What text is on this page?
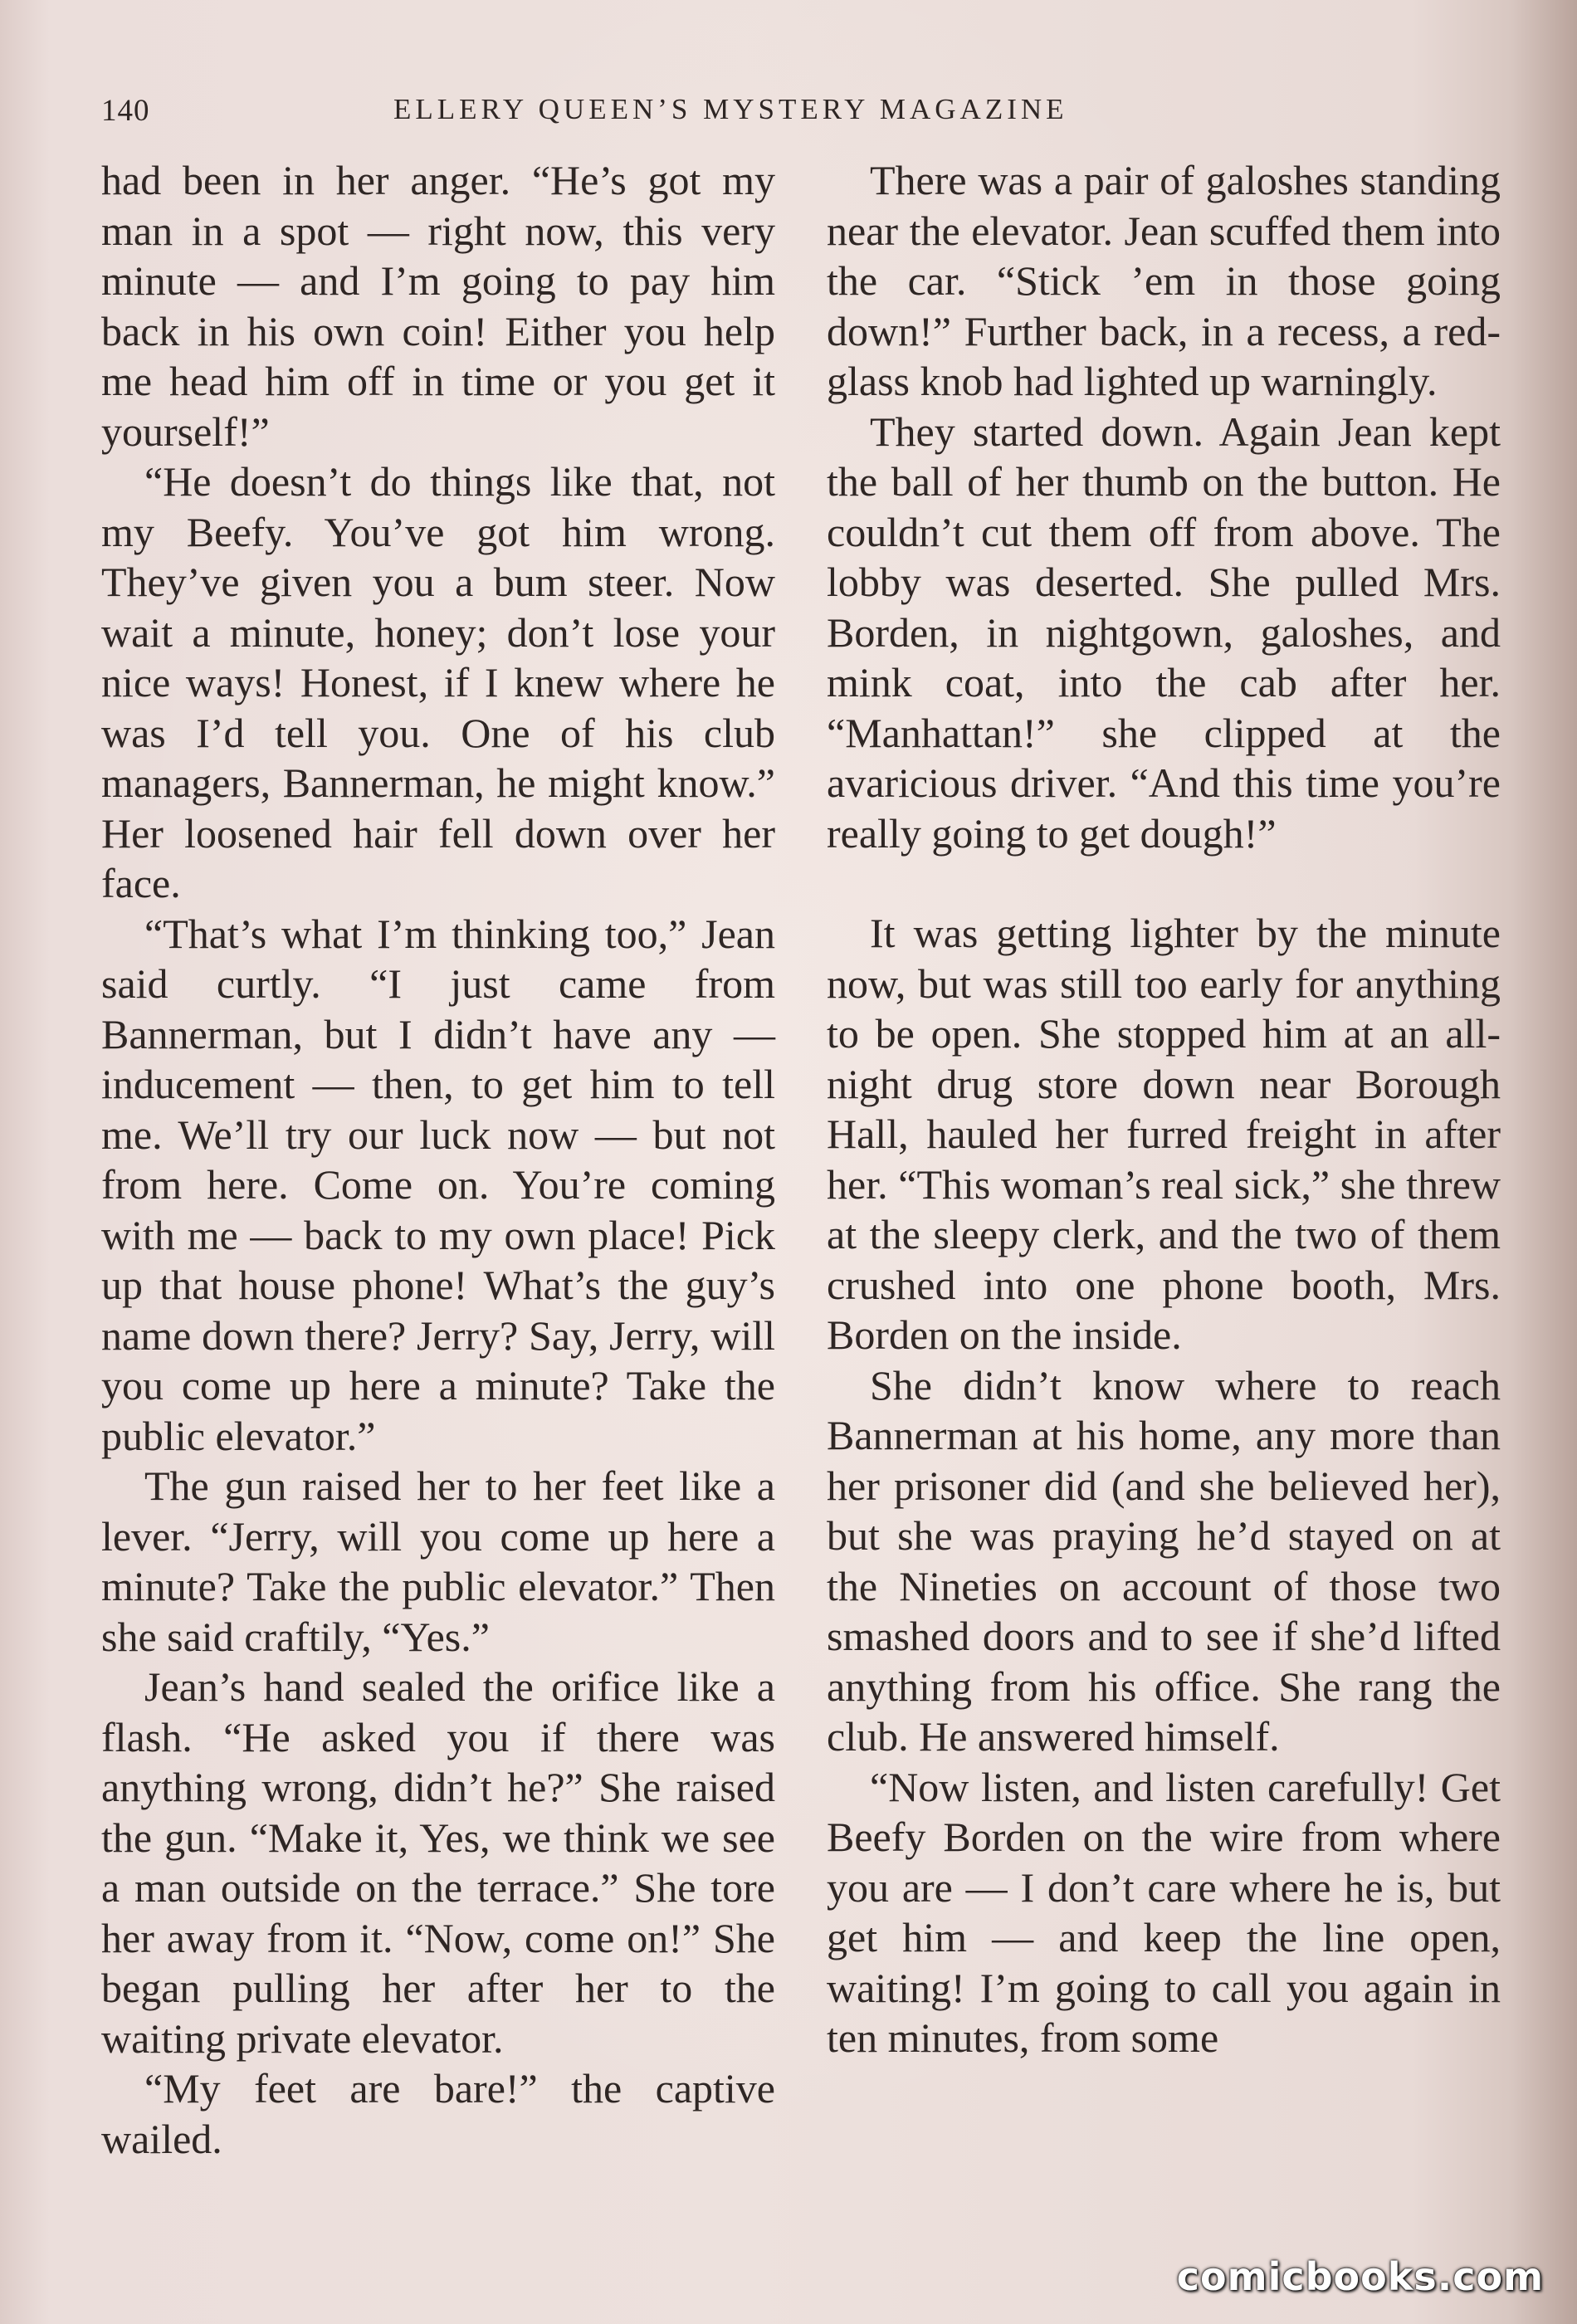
140	ELLERY QUEEN’S MYSTERY MAGAZINE

had been in her anger. “He’s got my man in a spot — right now, this very minute — and I’m going to pay him back in his own coin! Either you help me head him off in time or you get it yourself!”

“He doesn’t do things like that, not my Beefy. You’ve got him wrong. They’ve given you a bum steer. Now wait a minute, honey; don’t lose your nice ways! Honest, if I knew where he was I’d tell you. One of his club managers, Bannerman, he might know.” Her loosened hair fell down over her face.

“That’s what I’m thinking too,” Jean said curtly. “I just came from Bannerman, but I didn’t have any — inducement — then, to get him to tell me. We’ll try our luck now — but not from here. Come on. You’re coming with me — back to my own place! Pick up that house phone! What’s the guy’s name down there? Jerry? Say, Jerry, will you come up here a minute? Take the public elevator.”

The gun raised her to her feet like a lever. “Jerry, will you come up here a minute? Take the public elevator.” Then she said craftily, “Yes.”

Jean’s hand sealed the orifice like a flash. “He asked you if there was anything wrong, didn’t he?” She raised the gun. “Make it, Yes, we think we see a man outside on the terrace.” She tore her away from it. “Now, come on!” She began pulling her after her to the waiting private elevator.

“My feet are bare!” the captive wailed.

There was a pair of galoshes standing near the elevator. Jean scuffed them into the car. “Stick ’em in those going down!” Further back, in a recess, a red-glass knob had lighted up warningly.

They started down. Again Jean kept the ball of her thumb on the button. He couldn’t cut them off from above. The lobby was deserted. She pulled Mrs. Borden, in nightgown, galoshes, and mink coat, into the cab after her. “Manhattan!” she clipped at the avaricious driver. “And this time you’re really going to get dough!”

It was getting lighter by the minute now, but was still too early for anything to be open. She stopped him at an all-night drug store down near Borough Hall, hauled her furred freight in after her. “This woman’s real sick,” she threw at the sleepy clerk, and the two of them crushed into one phone booth, Mrs. Borden on the inside.

She didn’t know where to reach Bannerman at his home, any more than her prisoner did (and she believed her), but she was praying he’d stayed on at the Nineties on account of those two smashed doors and to see if she’d lifted anything from his office. She rang the club. He answered himself.

“Now listen, and listen carefully! Get Beefy Borden on the wire from where you are — I don’t care where he is, but get him — and keep the line open, waiting! I’m going to call you again in ten minutes, from some

comicbooks.com
